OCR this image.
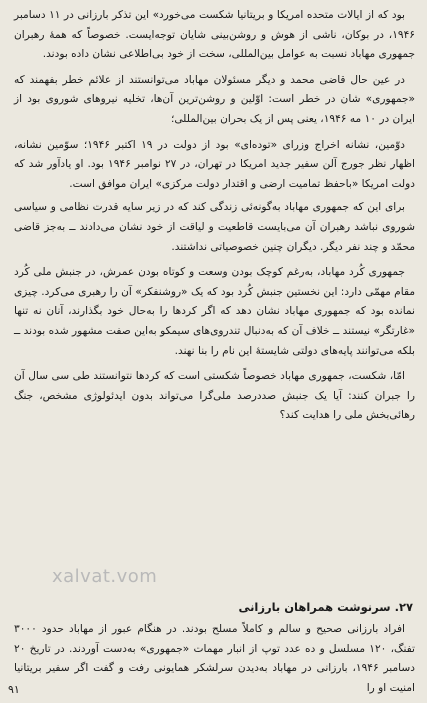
بود که از ایالات متحده امریکا و بریتانیا شکست می‌خورد» این تذکر بارزانی در ۱۱ دسامبر ۱۹۴۶، در بوکان، ناشی از هوش و روشن‌بینی شایان توجه‌ایست. خصوصاً که همهٔ رهبران جمهوری مهاباد نسبت به عوامل بین‌المللی، سخت از خود بی‌اطلاعی نشان داده بودند.

در عین حال قاضی محمد و دیگر مسئولان مهاباد می‌توانستند از علائم خطر بفهمند که «جمهوری» شان در خطر است: اوّلین و روشن‌ترین آن‌ها، تخلیه نیروهای شوروی بود از ایران در ۱۰ مه ۱۹۴۶، یعنی پس از یک بحران بین‌المللی؛

دوّمین، نشانه اخراج وزرای «توده‌ای» بود از دولت در ۱۹ اکتبر ۱۹۴۶؛ سوّمین نشانه، اظهار نظر جورج آلن سفیر جدید امریکا در تهران، در ۲۷ نوامبر ۱۹۴۶ بود. او یادآور شد که دولت امریکا «باحفظ تمامیت ارضی و اقتدار دولت مرکزی» ایران موافق است.

برای این که جمهوری مهاباد به‌گونه‌ئی زندگی کند که در زیر سایه قدرت نظامی و سیاسی شوروی نباشد رهبران آن می‌بایست قاطعیت و لیاقت از خود نشان می‌دادند ــ به‌جز قاضی محمّد و چند نفر دیگر. دیگران چنین خصوصیاتی نداشتند.

جمهوری کُرد مهاباد، به‌رغم کوچک بودن وسعت و کوتاه بودن عمرش، در جنبش ملی کُرد مقام مهمّی دارد: این نخستین جنبش کُرد بود که یک «روشنفکر» آن را رهبری می‌کرد. چیزی نمانده بود که جمهوری مهاباد نشان دهد که اگر کردها را به‌حال خود بگذارند، آنان نه تنها «غارتگر» نیستند ــ خلاف آن که به‌دنبال تندروی‌های سیمکو به‌این صفت مشهور شده بودند ــ بلکه می‌توانند پایه‌های دولتی شایستهٔ این نام را بنا نهند.

امّا، شکست، جمهوری مهاباد خصوصاً شکستی است که کردها نتوانستند طی سی سال آن را جبران کنند: آیا یک جنبش صددرصد ملی‌گرا می‌تواند بدون ایدئولوژی مشخص، جنگ رهائی‌بخش ملی را هدایت کند؟

xalvat.vom
۲۷. سرنوشت همراهان بارزانی

افراد بارزانی صحیح و سالم و کاملاً مسلح بودند. در هنگام عبور از مهاباد حدود ۳۰۰۰ تفنگ، ۱۲۰ مسلسل و ده عدد توپ از انبار مهمات «جمهوری» به‌دست آوردند. در تاریخ ۲۰ دسامبر ۱۹۴۶، بارزانی در مهاباد به‌دیدن سرلشکر همایونی رفت و گفت اگر سفیر بریتانیا امنیت او را

۹۱
